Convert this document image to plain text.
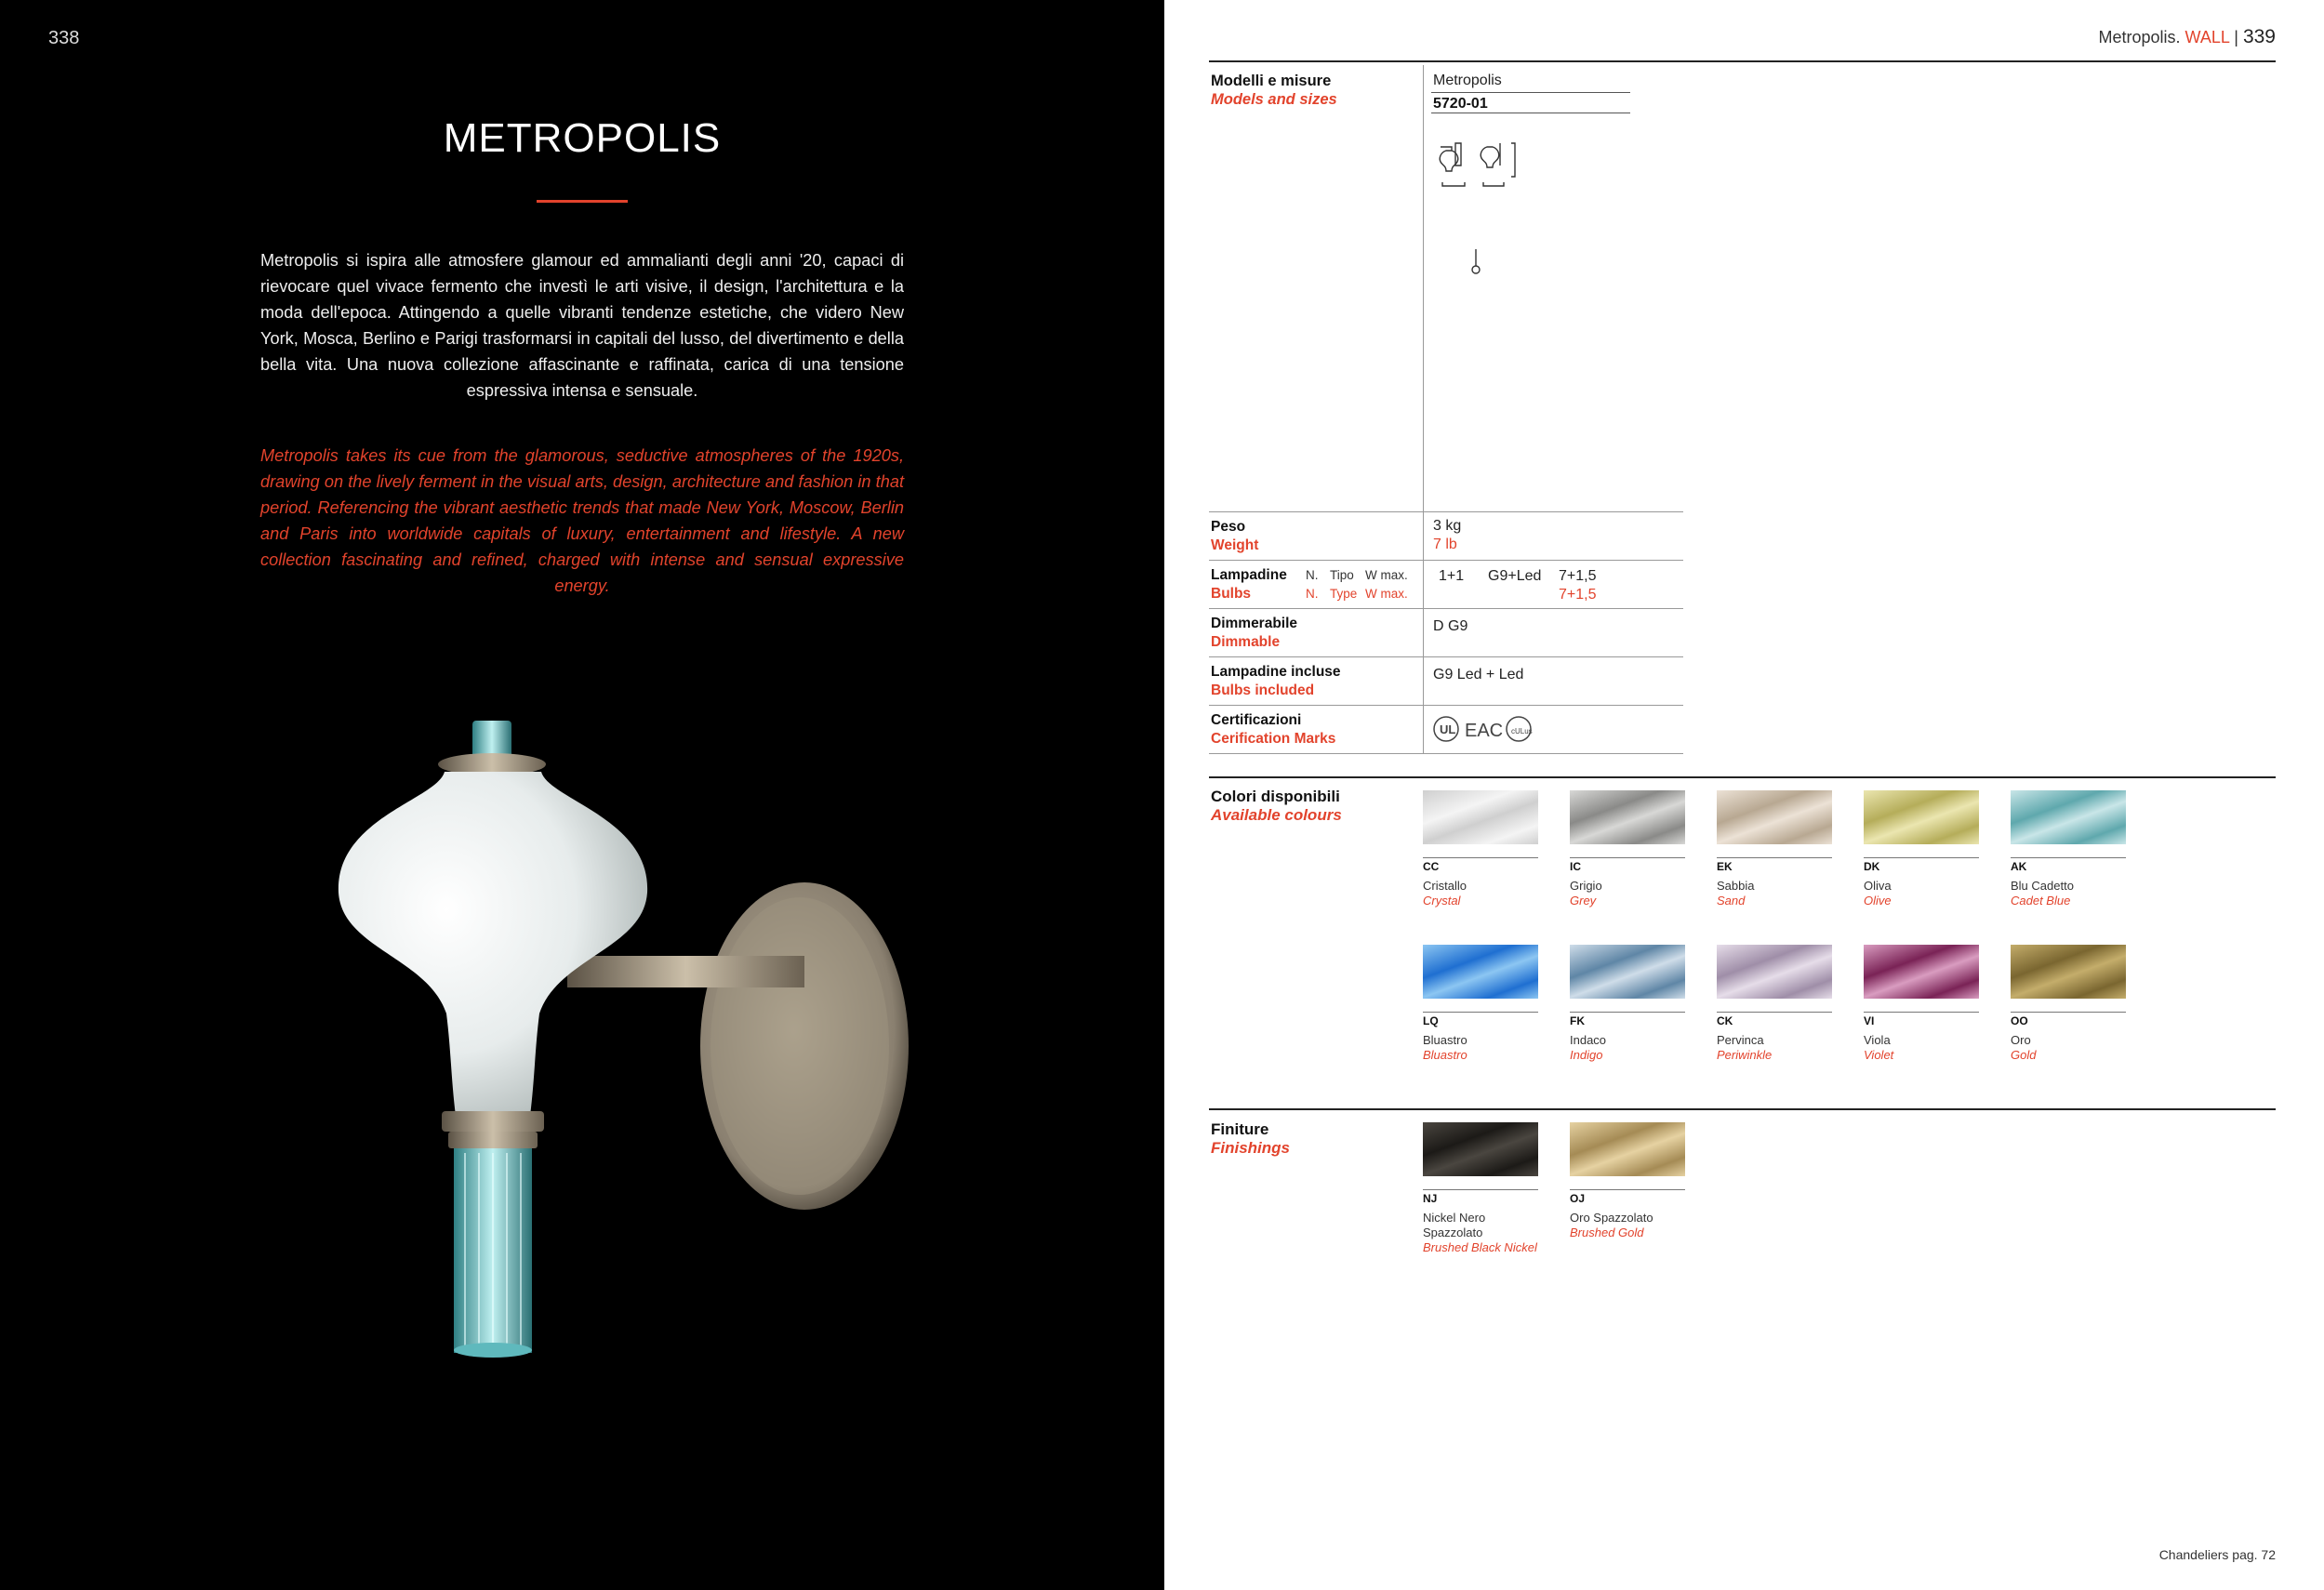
338
METROPOLIS

Metropolis si ispira alle atmosfere glamour ed ammalianti degli anni '20, capaci di rievocare quel vivace fermento che investì le arti visive, il design, l'architettura e la moda dell'epoca. Attingendo a quelle vibranti tendenze estetiche, che videro New York, Mosca, Berlino e Parigi trasformarsi in capitali del lusso, del divertimento e della bella vita. Una nuova collezione affascinante e raffinata, carica di una tensione espressiva intensa e sensuale.

Metropolis takes its cue from the glamorous, seductive atmospheres of the 1920s, drawing on the lively ferment in the visual arts, design, architecture and fashion in that period. Referencing the vibrant aesthetic trends that made New York, Moscow, Berlin and Paris into worldwide capitals of luxury, entertainment and lifestyle. A new collection fascinating and refined, charged with intense and sensual expressive energy.

Metropolis. WALL | 339
Modelli e misure
Models and sizes
Metropolis
5720-01
Peso
Weight
3 kg
7 lb
Lampadine
Bulbs
N.
N.
Tipo
Type
W max.
W max.
1+1 G9+Led 7+1,5
7+1,5
Dimmerabile
Dimmable
D G9
Lampadine incluse
Bulbs included
G9 Led + Led
Certificazioni
Cerification Marks
UL EAC cULus
Colori disponibili
Available colours
CC
Cristallo
Crystal
IC
Grigio
Grey
EK
Sabbia
Sand
DK
Oliva
Olive
AK
Blu Cadetto
Cadet Blue
LQ
Bluastro
Bluastro
FK
Indaco
Indigo
CK
Pervinca
Periwinkle
VI
Viola
Violet
OO
Oro
Gold
Finiture
Finishings
NJ
Nickel Nero Spazzolato
Brushed Black Nickel
OJ
Oro Spazzolato
Brushed Gold
Chandeliers pag. 72
